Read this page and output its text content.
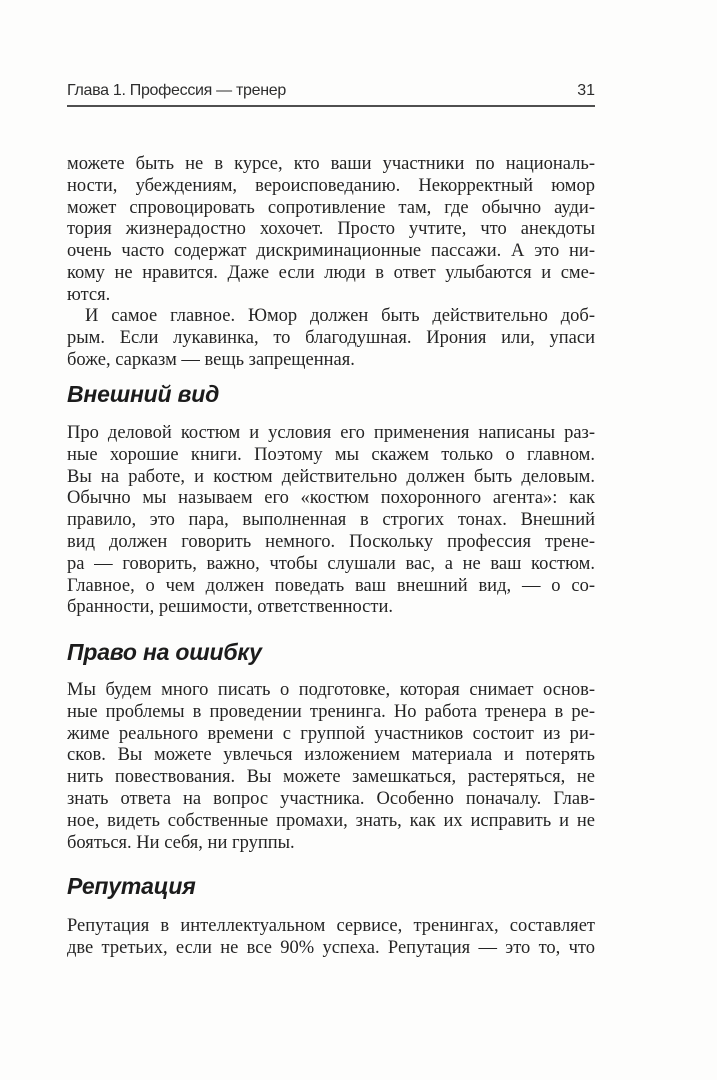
Глава 1. Профессия — тренер	31
можете быть не в курсе, кто ваши участники по националь-
ности, убеждениям, вероисповеданию. Некорректный юмор
может спровоцировать сопротивление там, где обычно ауди-
тория жизнерадостно хохочет. Просто учтите, что анекдоты
очень часто содержат дискриминационные пассажи. А это ни-
кому не нравится. Даже если люди в ответ улыбаются и сме-
ются.
И самое главное. Юмор должен быть действительно доб-
рым. Если лукавинка, то благодушная. Ирония или, упаси
боже, сарказм — вещь запрещенная.
Внешний вид
Про деловой костюм и условия его применения написаны раз-
ные хорошие книги. Поэтому мы скажем только о главном.
Вы на работе, и костюм действительно должен быть деловым.
Обычно мы называем его «костюм похоронного агента»: как
правило, это пара, выполненная в строгих тонах. Внешний
вид должен говорить немного. Поскольку профессия трене-
ра — говорить, важно, чтобы слушали вас, а не ваш костюм.
Главное, о чем должен поведать ваш внешний вид, — о со-
бранности, решимости, ответственности.
Право на ошибку
Мы будем много писать о подготовке, которая снимает основ-
ные проблемы в проведении тренинга. Но работа тренера в ре-
жиме реального времени с группой участников состоит из ри-
сков. Вы можете увлечься изложением материала и потерять
нить повествования. Вы можете замешкаться, растеряться, не
знать ответа на вопрос участника. Особенно поначалу. Глав-
ное, видеть собственные промахи, знать, как их исправить и не
бояться. Ни себя, ни группы.
Репутация
Репутация в интеллектуальном сервисе, тренингах, составляет
две третьих, если не все 90% успеха. Репутация — это то, что
